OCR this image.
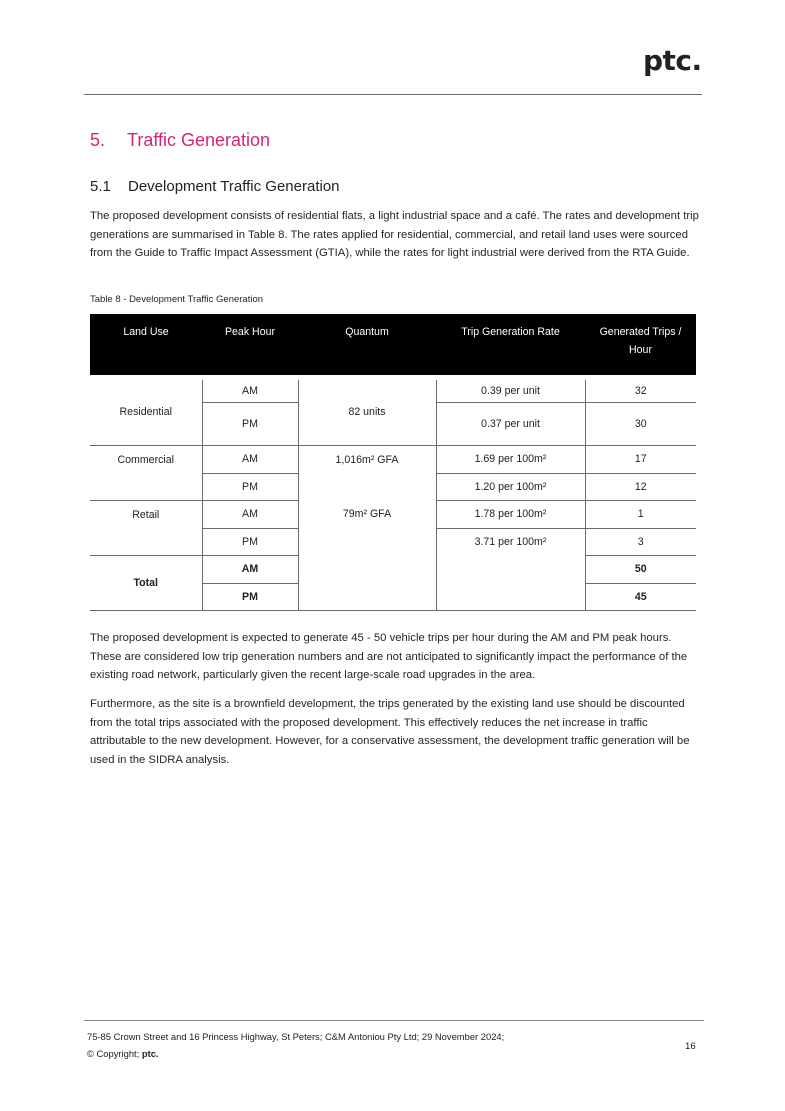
ptc.
5. Traffic Generation
5.1 Development Traffic Generation

The proposed development consists of residential flats, a light industrial space and a café. The rates and development trip generations are summarised in Table 8. The rates applied for residential, commercial, and retail land uses were sourced from the Guide to Traffic Impact Assessment (GTIA), while the rates for light industrial were derived from the RTA Guide.

Table 8 - Development Traffic Generation
Land Use	Peak Hour	Quantum	Trip Generation Rate	Generated Trips / Hour

Residential	AM	82 units	0.39 per unit	32
	PM		0.37 per unit	30
Commercial	AM	1,016m² GFA	1.69 per 100m²	17
	PM		1.20 per 100m²	12
Retail	AM	79m² GFA	1.78 per 100m²	1
	PM		3.71 per 100m²	3
Total	AM			50
	PM			45

The proposed development is expected to generate 45 - 50 vehicle trips per hour during the AM and PM peak hours. These are considered low trip generation numbers and are not anticipated to significantly impact the performance of the existing road network, particularly given the recent large-scale road upgrades in the area.

Furthermore, as the site is a brownfield development, the trips generated by the existing land use should be discounted from the total trips associated with the proposed development. This effectively reduces the net increase in traffic attributable to the new development. However, for a conservative assessment, the development traffic generation will be used in the SIDRA analysis.

75-85 Crown Street and 16 Princess Highway, St Peters; C&M Antoniou Pty Ltd; 29 November 2024;
© Copyright; ptc.
16
